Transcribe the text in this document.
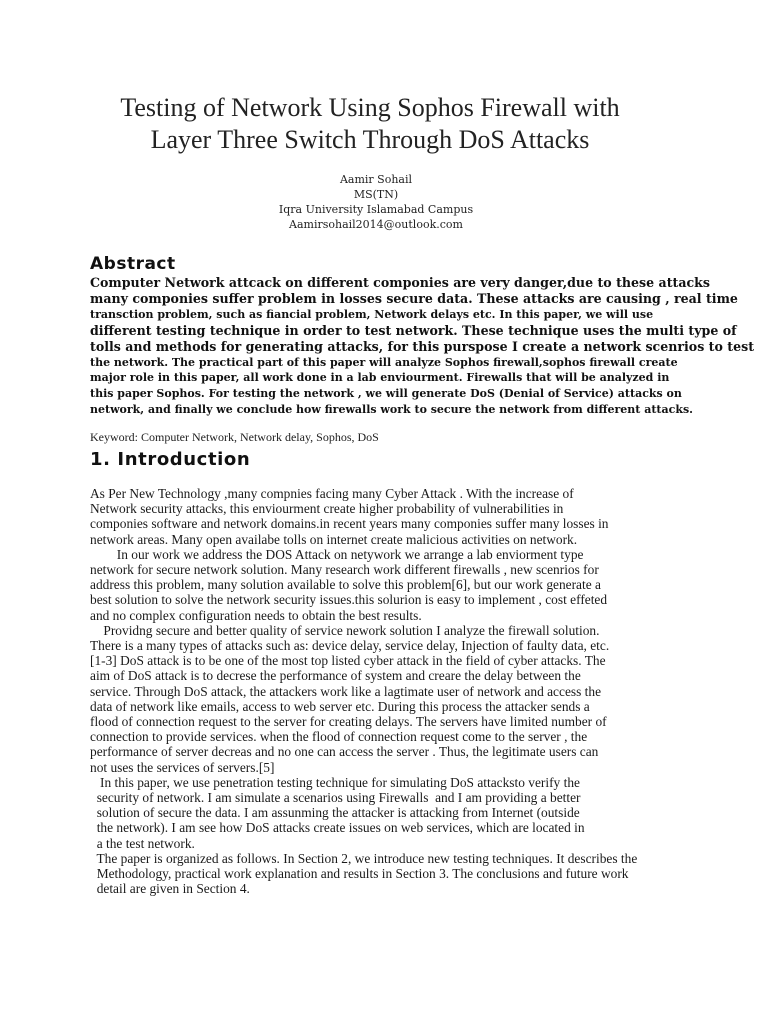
Testing of Network Using Sophos Firewall with
Layer Three Switch Through DoS Attacks
Aamir Sohail
MS(TN)
Iqra University Islamabad Campus
Aamirsohail2014@outlook.com
Abstract
Computer Network attcack on different componies are very danger,due to these attacks
many componies suffer problem in losses secure data. These attacks are causing , real time
transction problem, such as fiancial problem, Network delays etc. In this paper, we will use
different testing technique in order to test network. These technique uses the multi type of
tolls and methods for generating attacks, for this purspose I create a network scenrios to test
the network. The practical part of this paper will analyze Sophos firewall,sophos firewall create
major role in this paper, all work done in a lab enviourment. Firewalls that will be analyzed in
this paper Sophos. For testing the network , we will generate DoS (Denial of Service) attacks on
network, and finally we conclude how firewalls work to secure the network from different attacks.
Keyword: Computer Network, Network delay, Sophos, DoS
1. Introduction
As Per New Technology ,many compnies facing many Cyber Attack . With the increase of
Network security attacks, this enviourment create higher probability of vulnerabilities in
componies software and network domains.in recent years many componies suffer many losses in
network areas. Many open availabe tolls on internet create malicious activities on network.
In our work we address the DOS Attack on netywork we arrange a lab enviorment type
network for secure network solution. Many research work different firewalls , new scenrios for
address this problem, many solution available to solve this problem[6], but our work generate a
best solution to solve the network security issues.this solurion is easy to implement , cost effeted
and no complex configuration needs to obtain the best results.
Providng secure and better quality of service nework solution I analyze the firewall solution.
There is a many types of attacks such as: device delay, service delay, Injection of faulty data, etc.
[1-3] DoS attack is to be one of the most top listed cyber attack in the field of cyber attacks. The
aim of DoS attack is to decrese the performance of system and creare the delay between the
service. Through DoS attack, the attackers work like a lagtimate user of network and access the
data of network like emails, access to web server etc. During this process the attacker sends a
flood of connection request to the server for creating delays. The servers have limited number of
connection to provide services. when the flood of connection request come to the server , the
performance of server decreas and no one can access the server . Thus, the legitimate users can
not uses the services of servers.[5]
In this paper, we use penetration testing technique for simulating DoS attacksto verify the
security of network. I am simulate a scenarios using Firewalls  and I am providing a better
solution of secure the data. I am assunming the attacker is attacking from Internet (outside
the network). I am see how DoS attacks create issues on web services, which are located in
a the test network.
The paper is organized as follows. In Section 2, we introduce new testing techniques. It describes the
Methodology, practical work explanation and results in Section 3. The conclusions and future work
detail are given in Section 4.
